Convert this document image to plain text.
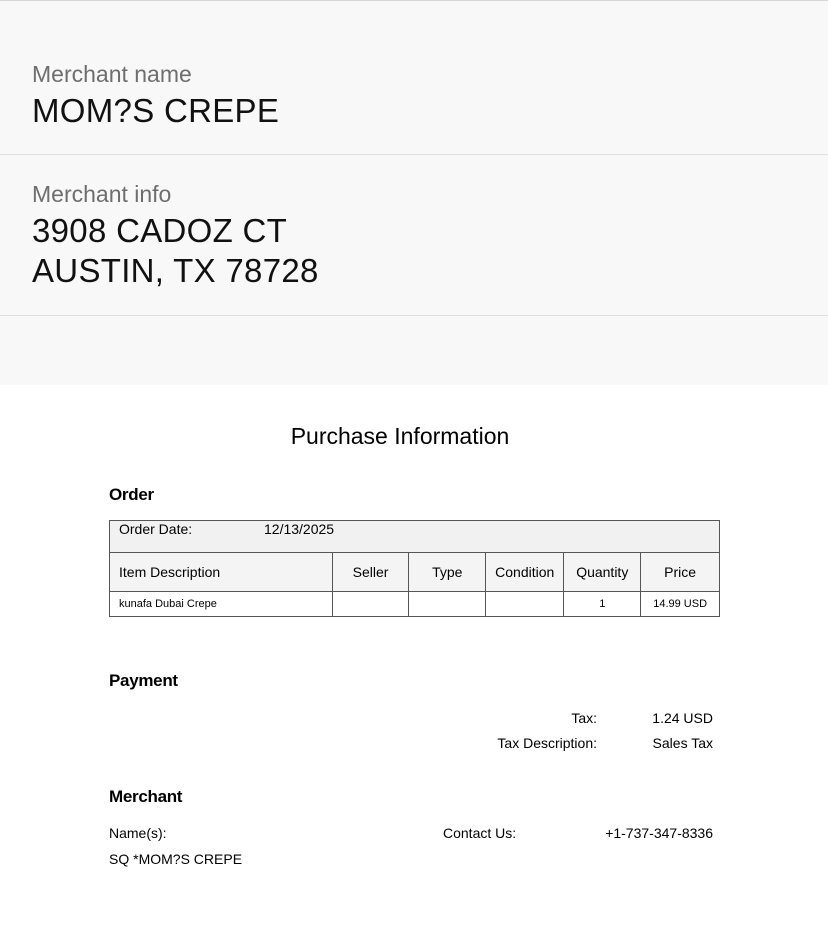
Merchant name
MOM?S CREPE
Merchant info
3908 CADOZ CT
AUSTIN, TX 78728
Purchase Information
Order
Order Date: 12/13/2025					
Item Description	Seller	Type	Condition	Quantity	Price
kunafa Dubai Crepe				1	14.99 USD
Payment
Tax:	1.24 USD
Tax Description:	Sales Tax
Merchant
Name(s):
SQ *MOM?S CREPE
Contact Us:	+1-737-347-8336
